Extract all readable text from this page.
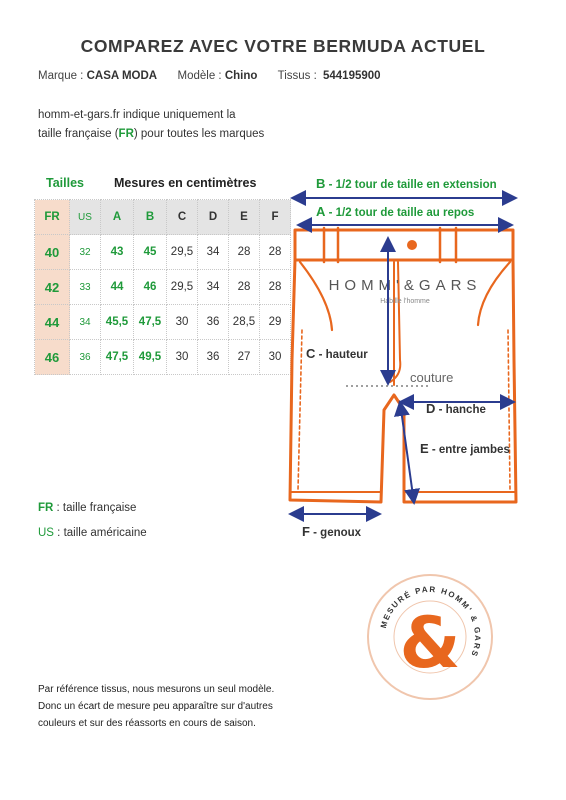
COMPAREZ AVEC VOTRE BERMUDA ACTUEL
Marque : CASA MODA Modèle : Chino Tissus : 544195900
homm-et-gars.fr indique uniquement la
taille française (FR) pour toutes les marques
Tailles Mesures en centimètres
FR	US	A	B	C	D	E	F
40	32	43	45	29,5	34	28	28
42	33	44	46	29,5	34	28	28
44	34	45,5	47,5	30	36	28,5	29
46	36	47,5	49,5	30	36	27	30
HOMM'&GARS
Habille l'homme
B - 1/2 tour de taille en extension
A - 1/2 tour de taille au repos
C - hauteur
couture
D - hanche
E - entre jambes
F - genoux
FR : taille française
US : taille américaine
Par référence tissus, nous mesurons un seul modèle. Donc un écart de mesure peu apparaître sur d'autres couleurs et sur des réassorts en cours de saison.
MESURÉ PAR HOMM' & GARS
&
